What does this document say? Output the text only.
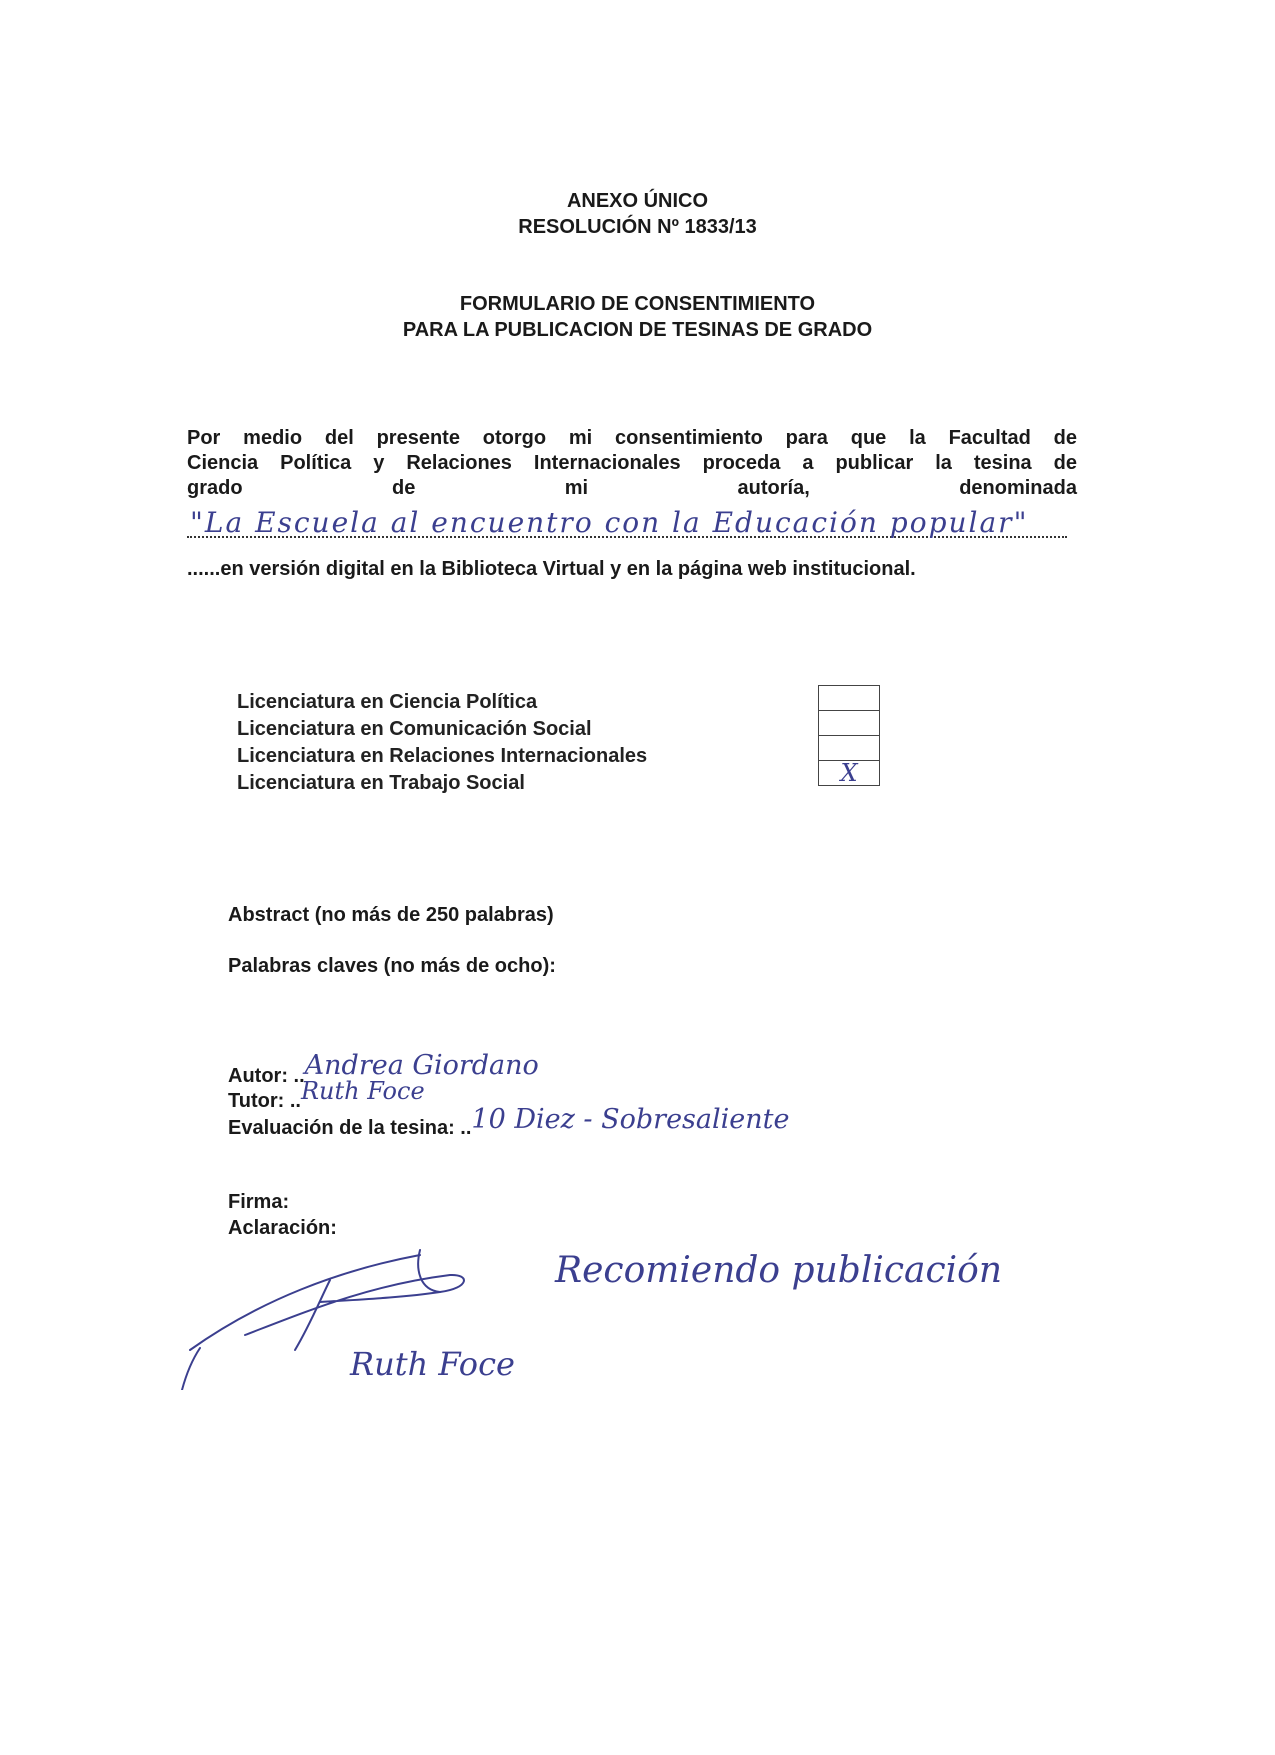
ANEXO ÚNICO
RESOLUCIÓN Nº 1833/13
FORMULARIO DE CONSENTIMIENTO
PARA LA PUBLICACION DE TESINAS DE GRADO
Por medio del presente otorgo mi consentimiento para que la Facultad de
Ciencia Política y Relaciones Internacionales proceda a publicar la tesina de
grado	de	mi	autoría,	denominada
"La Escuela al encuentro con la Educación popular"
......en versión digital en la Biblioteca Virtual y en la página web institucional.
Licenciatura en Ciencia Política
Licenciatura en Comunicación Social
Licenciatura en Relaciones Internacionales
Licenciatura en Trabajo Social	X
Abstract (no más de 250 palabras)
Palabras claves (no más de ocho):
Autor: ..Andrea Giordano
Tutor: ..Ruth Foce
Evaluación de la tesina: ..10 Diez - Sobresaliente
Firma:
Aclaración:
Recomiendo publicación
Ruth Foce
